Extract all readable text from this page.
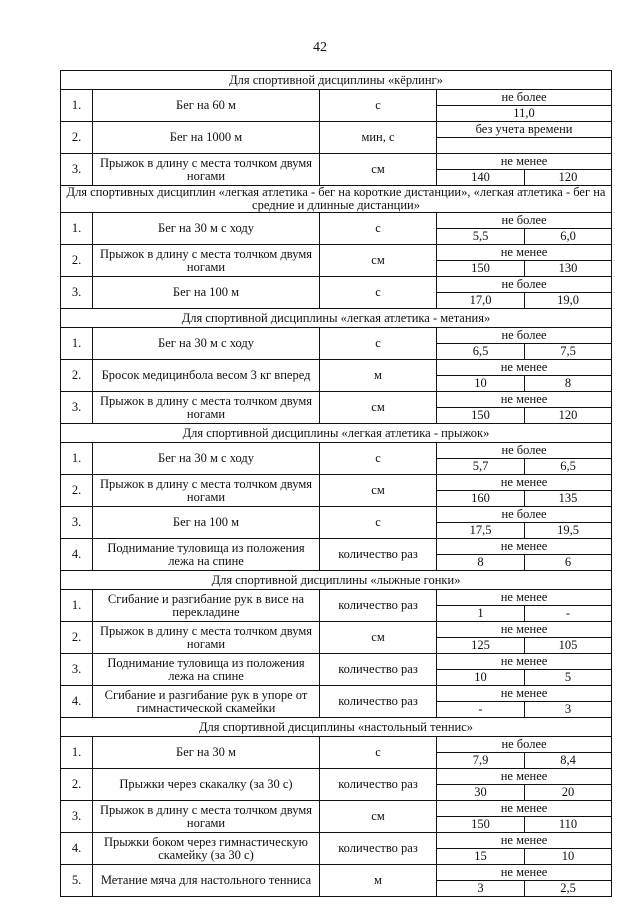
42
Для спортивной дисциплины «кёрлинг»				
1.	Бег на 60 м	с	не более	
			11,0	
2.	Бег на 1000 м	мин, с	без учета времени	

3.	Прыжок в длину с места толчком двумя ногами	см	не менее	
			140	120
Для спортивных дисциплин «легкая атлетика - бег на короткие дистанции», «легкая атлетика - бег на средние и длинные дистанции»				
1.	Бег на 30 м с ходу	с	не более	
			5,5	6,0
2.	Прыжок в длину с места толчком двумя ногами	см	не менее	
			150	130
3.	Бег на 100 м	с	не более	
			17,0	19,0
Для спортивной дисциплины «легкая атлетика - метания»				
1.	Бег на 30 м с ходу	с	не более	
			6,5	7,5
2.	Бросок медицинбола весом 3 кг вперед	м	не менее	
			10	8
3.	Прыжок в длину с места толчком двумя ногами	см	не менее	
			150	120
Для спортивной дисциплины «легкая атлетика - прыжок»				
1.	Бег на 30 м с ходу	с	не более	
			5,7	6,5
2.	Прыжок в длину с места толчком двумя ногами	см	не менее	
			160	135
3.	Бег на 100 м	с	не более	
			17,5	19,5
4.	Поднимание туловища из положения лежа на спине	количество раз	не менее	
			8	6
Для спортивной дисциплины «лыжные гонки»				
1.	Сгибание и разгибание рук в висе на перекладине	количество раз	не менее	
			1	-
2.	Прыжок в длину с места толчком двумя ногами	см	не менее	
			125	105
3.	Поднимание туловища из положения лежа на спине	количество раз	не менее	
			10	5
4.	Сгибание и разгибание рук в упоре от гимнастической скамейки	количество раз	не менее	
			-	3
Для спортивной дисциплины «настольный теннис»				
1.	Бег на 30 м	с	не более	
			7,9	8,4
2.	Прыжки через скакалку (за 30 с)	количество раз	не менее	
			30	20
3.	Прыжок в длину с места толчком двумя ногами	см	не менее	
			150	110
4.	Прыжки боком через гимнастическую скамейку (за 30 с)	количество раз	не менее	
			15	10
5.	Метание мяча для настольного тенниса	м	не менее	
			3	2,5
